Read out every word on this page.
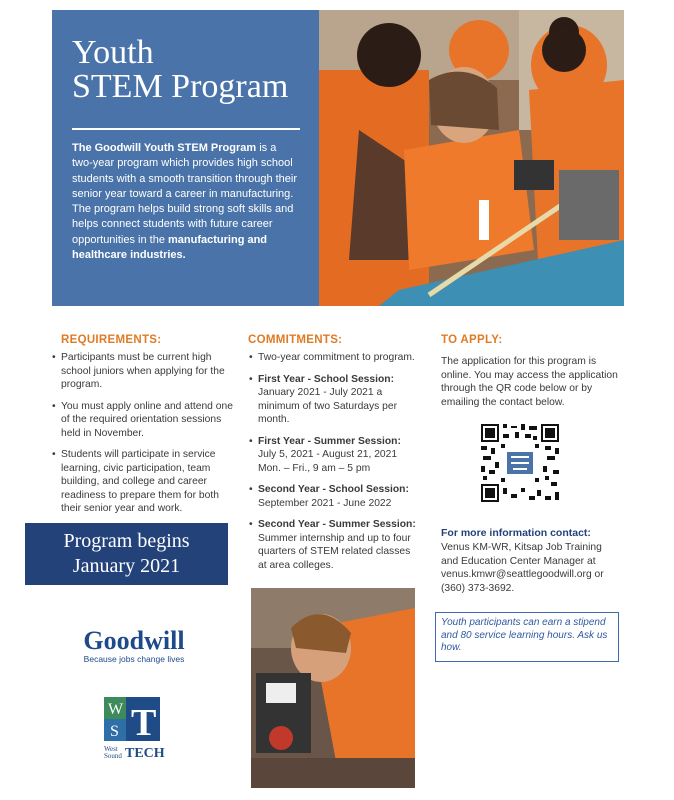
Youth
STEM Program
The Goodwill Youth STEM Program is a two-year program which provides high school students with a smooth transition through their senior year toward a career in manufacturing. The program helps build strong soft skills and helps connect students with future career opportunities in the manufacturing and healthcare industries.
REQUIREMENTS:
• Participants must be current high school juniors when applying for the program.
• You must apply online and attend one of the required orientation sessions held in November.
• Students will participate in service learning, civic participation, team building, and college and career readiness to prepare them for both their senior year and work.
Program begins
January 2021
Goodwill
Because jobs change lives
W
S T
West
Sound TECH
COMMITMENTS:
• Two-year commitment to program.
• First Year - School Session:
January 2021 - July 2021 a minimum of two Saturdays per month.
• First Year - Summer Session:
July 5, 2021 - August 21, 2021 Mon. – Fri., 9 am – 5 pm
• Second Year - School Session:
September 2021 - June 2022
• Second Year - Summer Session:
Summer internship and up to four quarters of STEM related classes at area colleges.
TO APPLY:
The application for this program is online. You may access the application through the QR code below or by emailing the contact below.
For more information contact:
Venus KM-WR, Kitsap Job Training and Education Center Manager at venus.kmwr@seattlegoodwill.org or (360) 373-3692.
Youth participants can earn a stipend and 80 service learning hours. Ask us how.
